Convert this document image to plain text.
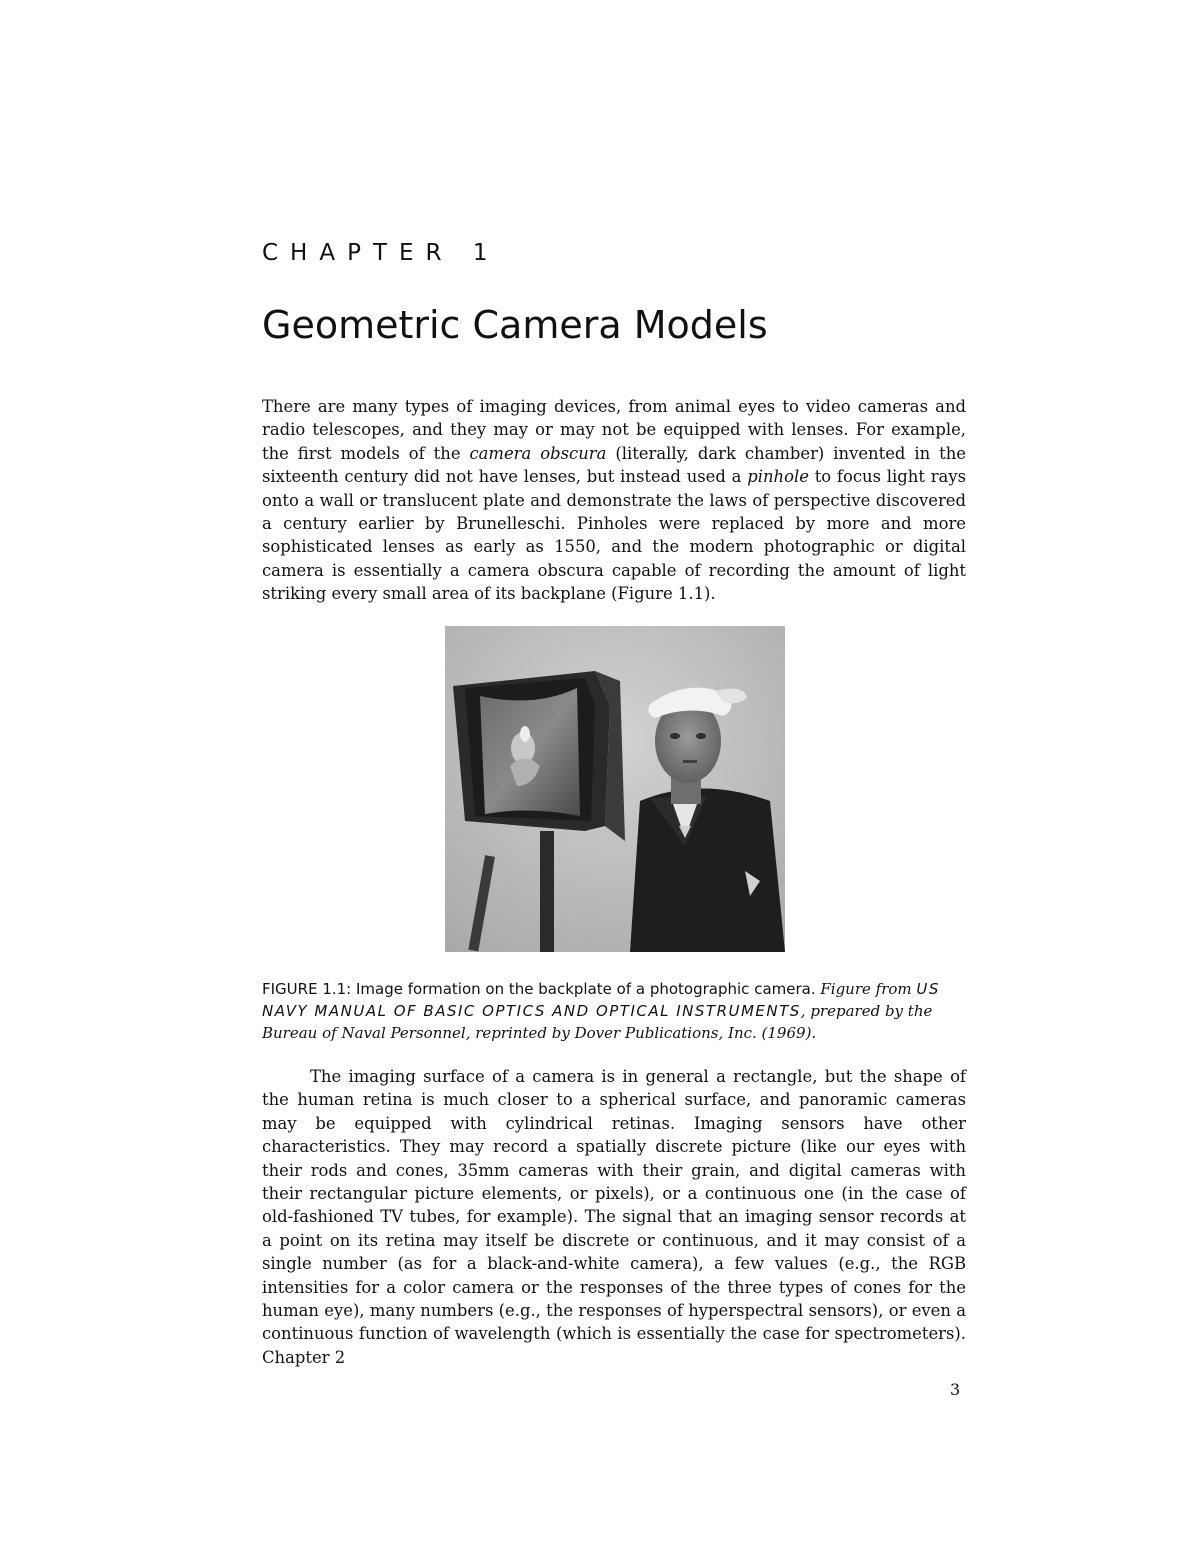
CHAPTER 1
Geometric Camera Models

There are many types of imaging devices, from animal eyes to video cameras and radio telescopes, and they may or may not be equipped with lenses. For example, the first models of the camera obscura (literally, dark chamber) invented in the sixteenth century did not have lenses, but instead used a pinhole to focus light rays onto a wall or translucent plate and demonstrate the laws of perspective discovered a century earlier by Brunelleschi. Pinholes were replaced by more and more sophisticated lenses as early as 1550, and the modern photographic or digital camera is essentially a camera obscura capable of recording the amount of light striking every small area of its backplane (Figure 1.1).

FIGURE 1.1: Image formation on the backplate of a photographic camera. Figure from US NAVY MANUAL OF BASIC OPTICS AND OPTICAL INSTRUMENTS, prepared by the Bureau of Naval Personnel, reprinted by Dover Publications, Inc. (1969).

The imaging surface of a camera is in general a rectangle, but the shape of the human retina is much closer to a spherical surface, and panoramic cameras may be equipped with cylindrical retinas. Imaging sensors have other characteristics. They may record a spatially discrete picture (like our eyes with their rods and cones, 35mm cameras with their grain, and digital cameras with their rectangular picture elements, or pixels), or a continuous one (in the case of old-fashioned TV tubes, for example). The signal that an imaging sensor records at a point on its retina may itself be discrete or continuous, and it may consist of a single number (as for a black-and-white camera), a few values (e.g., the RGB intensities for a color camera or the responses of the three types of cones for the human eye), many numbers (e.g., the responses of hyperspectral sensors), or even a continuous function of wavelength (which is essentially the case for spectrometers). Chapter 2

3
